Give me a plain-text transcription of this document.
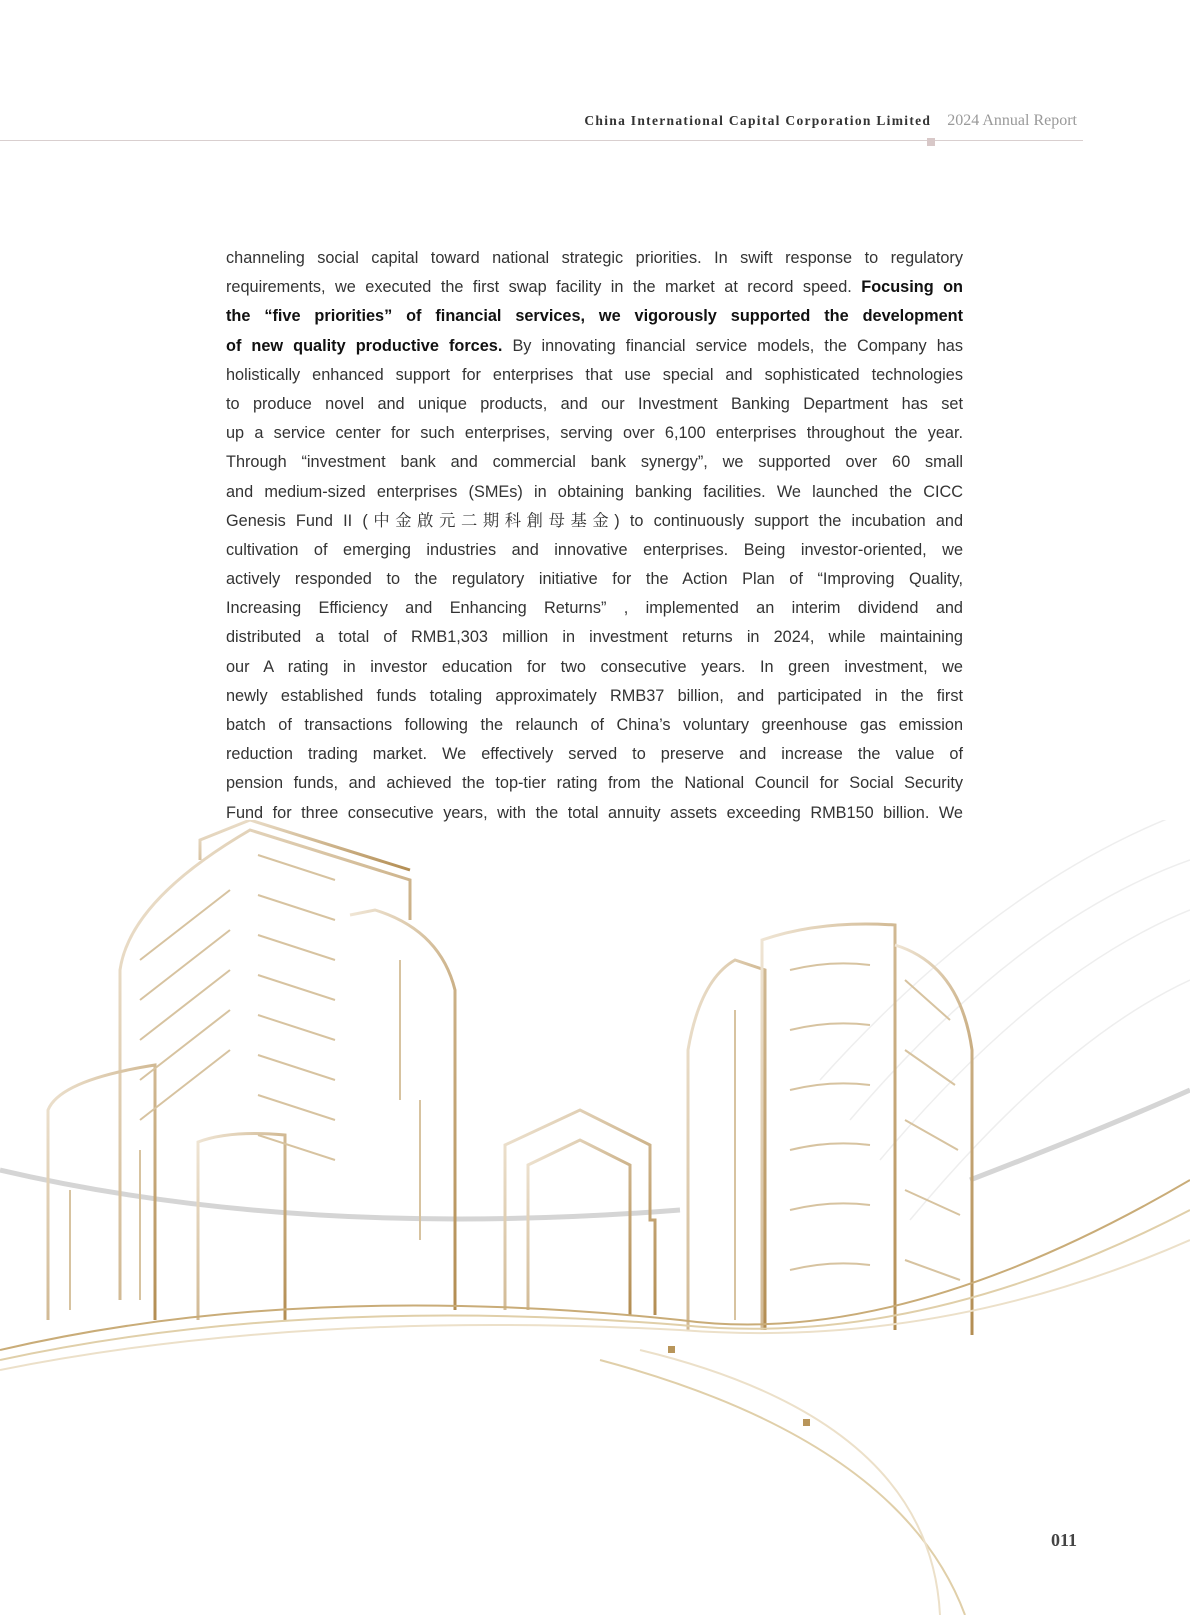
China International Capital Corporation Limited 2024 Annual Report
channeling social capital toward national strategic priorities. In swift response to regulatory
requirements, we executed the first swap facility in the market at record speed. Focusing on
the “five priorities” of financial services, we vigorously supported the development
of new quality productive forces. By innovating financial service models, the Company has
holistically enhanced support for enterprises that use special and sophisticated technologies
to produce novel and unique products, and our Investment Banking Department has set
up a service center for such enterprises, serving over 6,100 enterprises throughout the year.
Through “investment bank and commercial bank synergy”, we supported over 60 small
and medium-sized enterprises (SMEs) in obtaining banking facilities. We launched the CICC
Genesis Fund II (中金啟元二期科創母基金) to continuously support the incubation and
cultivation of emerging industries and innovative enterprises. Being investor-oriented, we
actively responded to the regulatory initiative for the Action Plan of “Improving Quality,
Increasing Efficiency and Enhancing Returns” , implemented an interim dividend and
distributed a total of RMB1,303 million in investment returns in 2024, while maintaining
our A rating in investor education for two consecutive years. In green investment, we
newly established funds totaling approximately RMB37 billion, and participated in the first
batch of transactions following the relaunch of China’s voluntary greenhouse gas emission
reduction trading market. We effectively served to preserve and increase the value of
pension funds, and achieved the top-tier rating from the National Council for Social Security
Fund for three consecutive years, with the total annuity assets exceeding RMB150 billion. We
011
